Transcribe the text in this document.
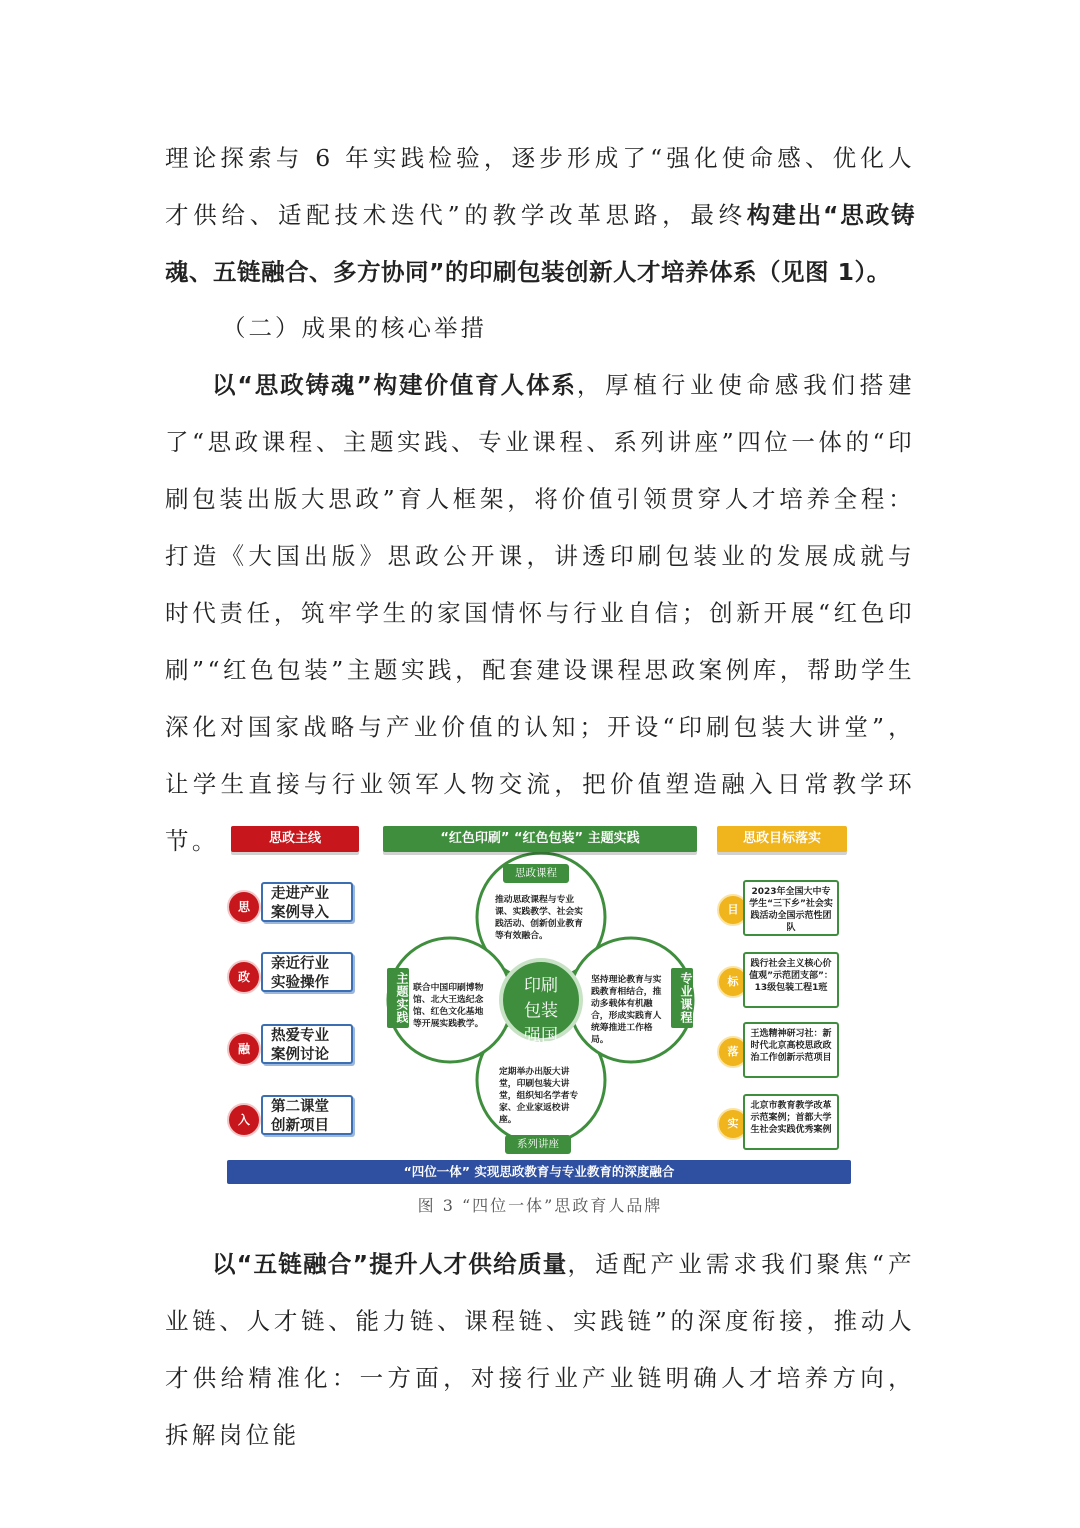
理论探索与 6 年实践检验，逐步形成了“强化使命感、优化人才供给、适配技术迭代”的教学改革思路，最终构建出“思政铸魂、五链融合、多方协同”的印刷包装创新人才培养体系（见图 1）。

（二）成果的核心举措

以“思政铸魂”构建价值育人体系，厚植行业使命感我们搭建了“思政课程、主题实践、专业课程、系列讲座”四位一体的“印刷包装出版大思政”育人框架，将价值引领贯穿人才培养全程：打造《大国出版》思政公开课，讲透印刷包装业的发展成就与时代责任，筑牢学生的家国情怀与行业自信；创新开展“红色印刷”“红色包装”主题实践，配套建设课程思政案例库，帮助学生深化对国家战略与产业价值的认知；开设“印刷包装大讲堂”，让学生直接与行业领军人物交流，把价值塑造融入日常教学环节。	思政主线	“红色印刷” “红色包装” 主题实践	思政目标落实
思
走进产业
案例导入
政
亲近行业
实验操作
融
热爱专业
案例讨论
入
第二课堂
创新项目
目
2023年全国大中专学生“三下乡”社会实践活动全国示范性团队
标
践行社会主义核心价值观”示范团支部”：13级包装工程1班
落
王选精神研习社：新时代北京高校思政政治工作创新示范项目
实
北京市教育教学改革示范案例；首都大学生社会实践优秀案例
思政课程
推动思政课程与专业课、实践教学、社会实践活动、创新创业教育等有效融合。
主题实践 联合中国印刷博物馆、北大王选纪念馆、红色文化基地等开展实践教学。	专业课程
坚持理论教育与实践教育相结合，推动多载体有机融合，形成实践育人统筹推进工作格局。
定期举办出版大讲堂，印刷包装大讲堂，组织知名学者专家、企业家返校讲座。
系列讲座
印刷
包装
强国
“四位一体” 实现思政教育与专业教育的深度融合
图 3 “四位一体”思政育人品牌

以“五链融合”提升人才供给质量，适配产业需求我们聚焦“产业链、人才链、能力链、课程链、实践链”的深度衔接，推动人才供给精准化：一方面，对接行业产业链明确人才培养方向，拆解岗位能
